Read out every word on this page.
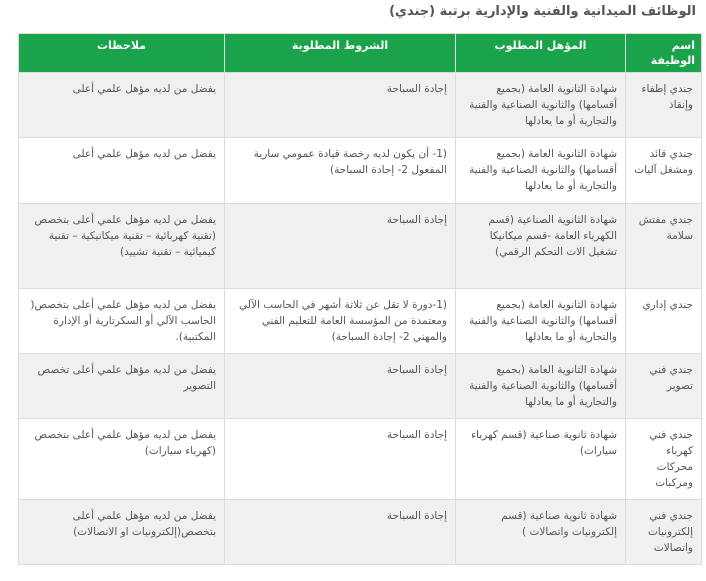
الوظائف الميدانية والفنية والإدارية برتبة (جندي)
اسم الوظيفة	المؤهل المطلوب	الشروط المطلوبة	ملاحظات
جندي إطفاء وإنقاذ	شهادة الثانوية العامة (بجميع أقسامها) والثانوية الصناعية والفنية والتجارية أو ما يعادلها	إجادة السباحة	يفضل من لديه مؤهل علمي أعلى
جندي قائد ومشغل آليات	شهادة الثانوية العامة (بجميع أقسامها) والثانوية الصناعية والفنية والتجارية أو ما يعادلها	(1- أن يكون لديه رخصة قيادة عمومي سارية المفعول 2- إجادة السباحة)	يفضل من لديه مؤهل علمي أعلى
جندي مفتش سلامة	شهادة الثانوية الصناعية (قسم الكهرباء العامة -قسم ميكانيكا تشغيل الات التحكم الرقمي)	إجادة السباحة	يفضل من لديه مؤهل علمي أعلى بتخصص (تقنية كهربائية – تقنية ميكانيكية – تقنية كيميائية – تقنية تشييد)
جندي إداري	شهادة الثانوية العامة (بجميع أقسامها) والثانوية الصناعية والفنية والتجارية أو ما يعادلها	(1-دورة لا تقل عن ثلاثة أشهر في الحاسب الآلي ومعتمدة من المؤسسة العامة للتعليم الفني والمهني 2- إجادة السباحة)	يفضل من لديه مؤهل علمي أعلى بتخصص( الحاسب الآلي أو السكرتارية أو الإدارة المكتبية).
جندي فني تصوير	شهادة الثانوية العامة (بجميع أقسامها) والثانوية الصناعية والفنية والتجارية أو ما يعادلها	إجادة السباحة	يفضل من لديه مؤهل علمي أعلى تخصص التصوير
جندي فني كهرباء محركات ومركبات	شهادة ثانوية صناعية (قسم كهرباء سيارات)	إجادة السباحة	يفضل من لديه مؤهل علمي أعلى بتخصص (كهرباء سيارات)
جندي فني إلكترونيات واتصالات	شهادة ثانوية صناعية (قسم إلكترونيات واتصالات )	إجادة السباحة	يفضل من لديه مؤهل علمي أعلى بتخصص(إلكترونيات او الاتصالات)
